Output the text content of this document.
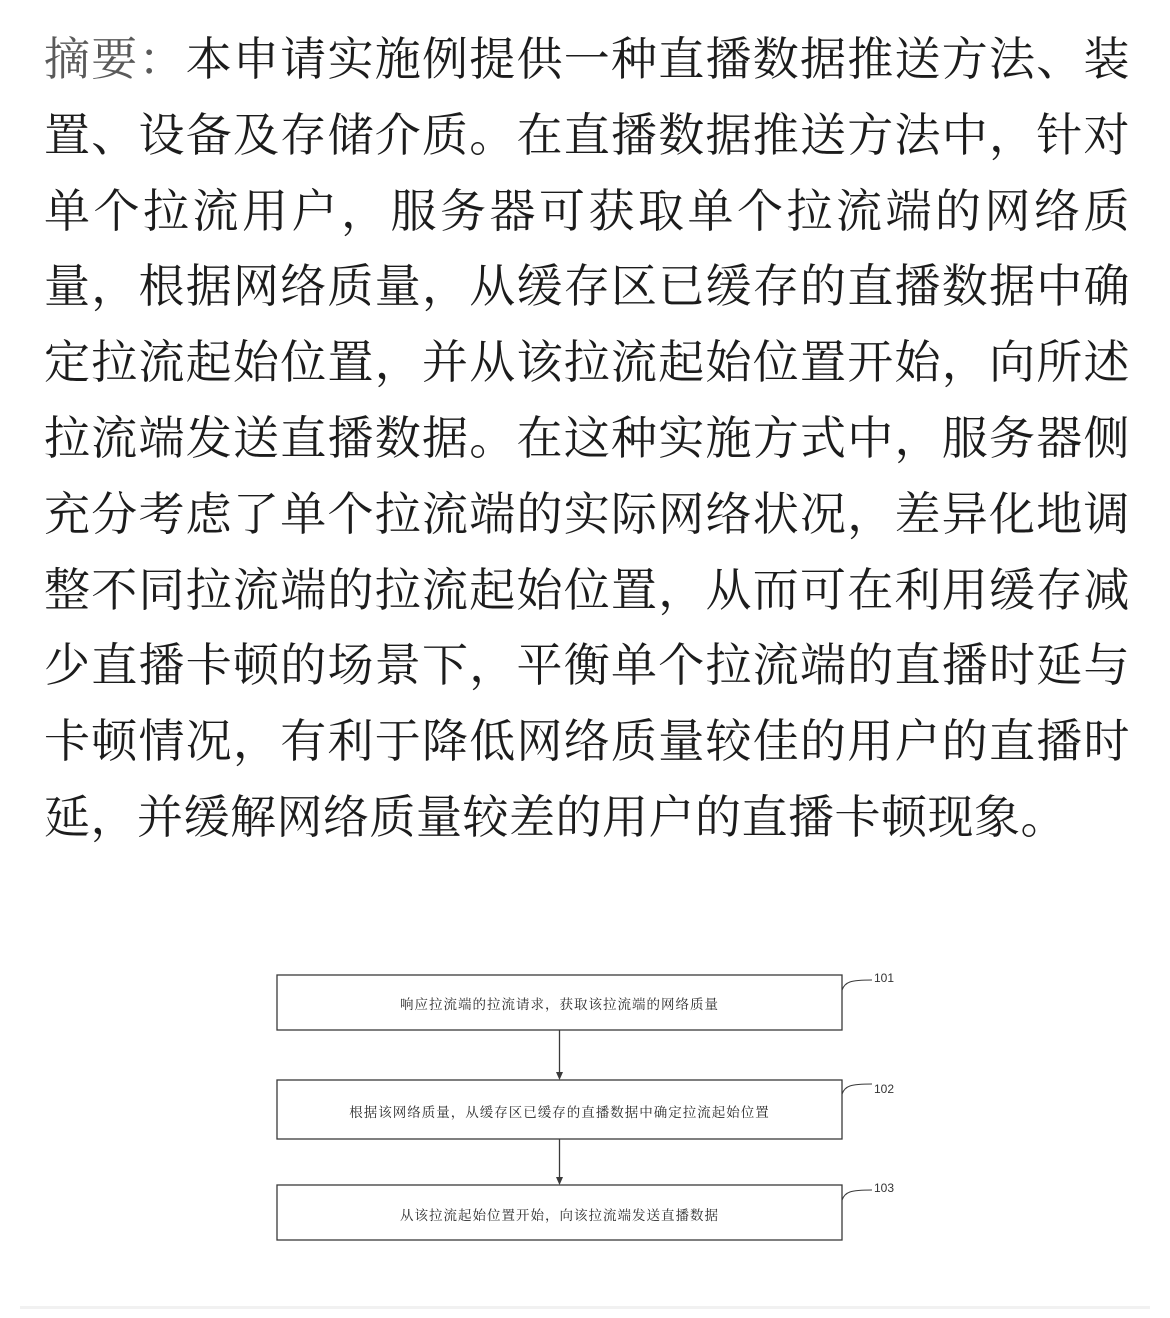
摘要：本申请实施例提供一种直播数据推送方法、装置、设备及存储介质。在直播数据推送方法中，针对单个拉流用户，服务器可获取单个拉流端的网络质量，根据网络质量，从缓存区已缓存的直播数据中确定拉流起始位置，并从该拉流起始位置开始，向所述拉流端发送直播数据。在这种实施方式中，服务器侧充分考虑了单个拉流端的实际网络状况，差异化地调整不同拉流端的拉流起始位置，从而可在利用缓存减少直播卡顿的场景下，平衡单个拉流端的直播时延与卡顿情况，有利于降低网络质量较佳的用户的直播时延，并缓解网络质量较差的用户的直播卡顿现象。

响应拉流端的拉流请求，获取该拉流端的网络质量
根据该网络质量，从缓存区已缓存的直播数据中确定拉流起始位置
从该拉流起始位置开始，向该拉流端发送直播数据
101
102
103
